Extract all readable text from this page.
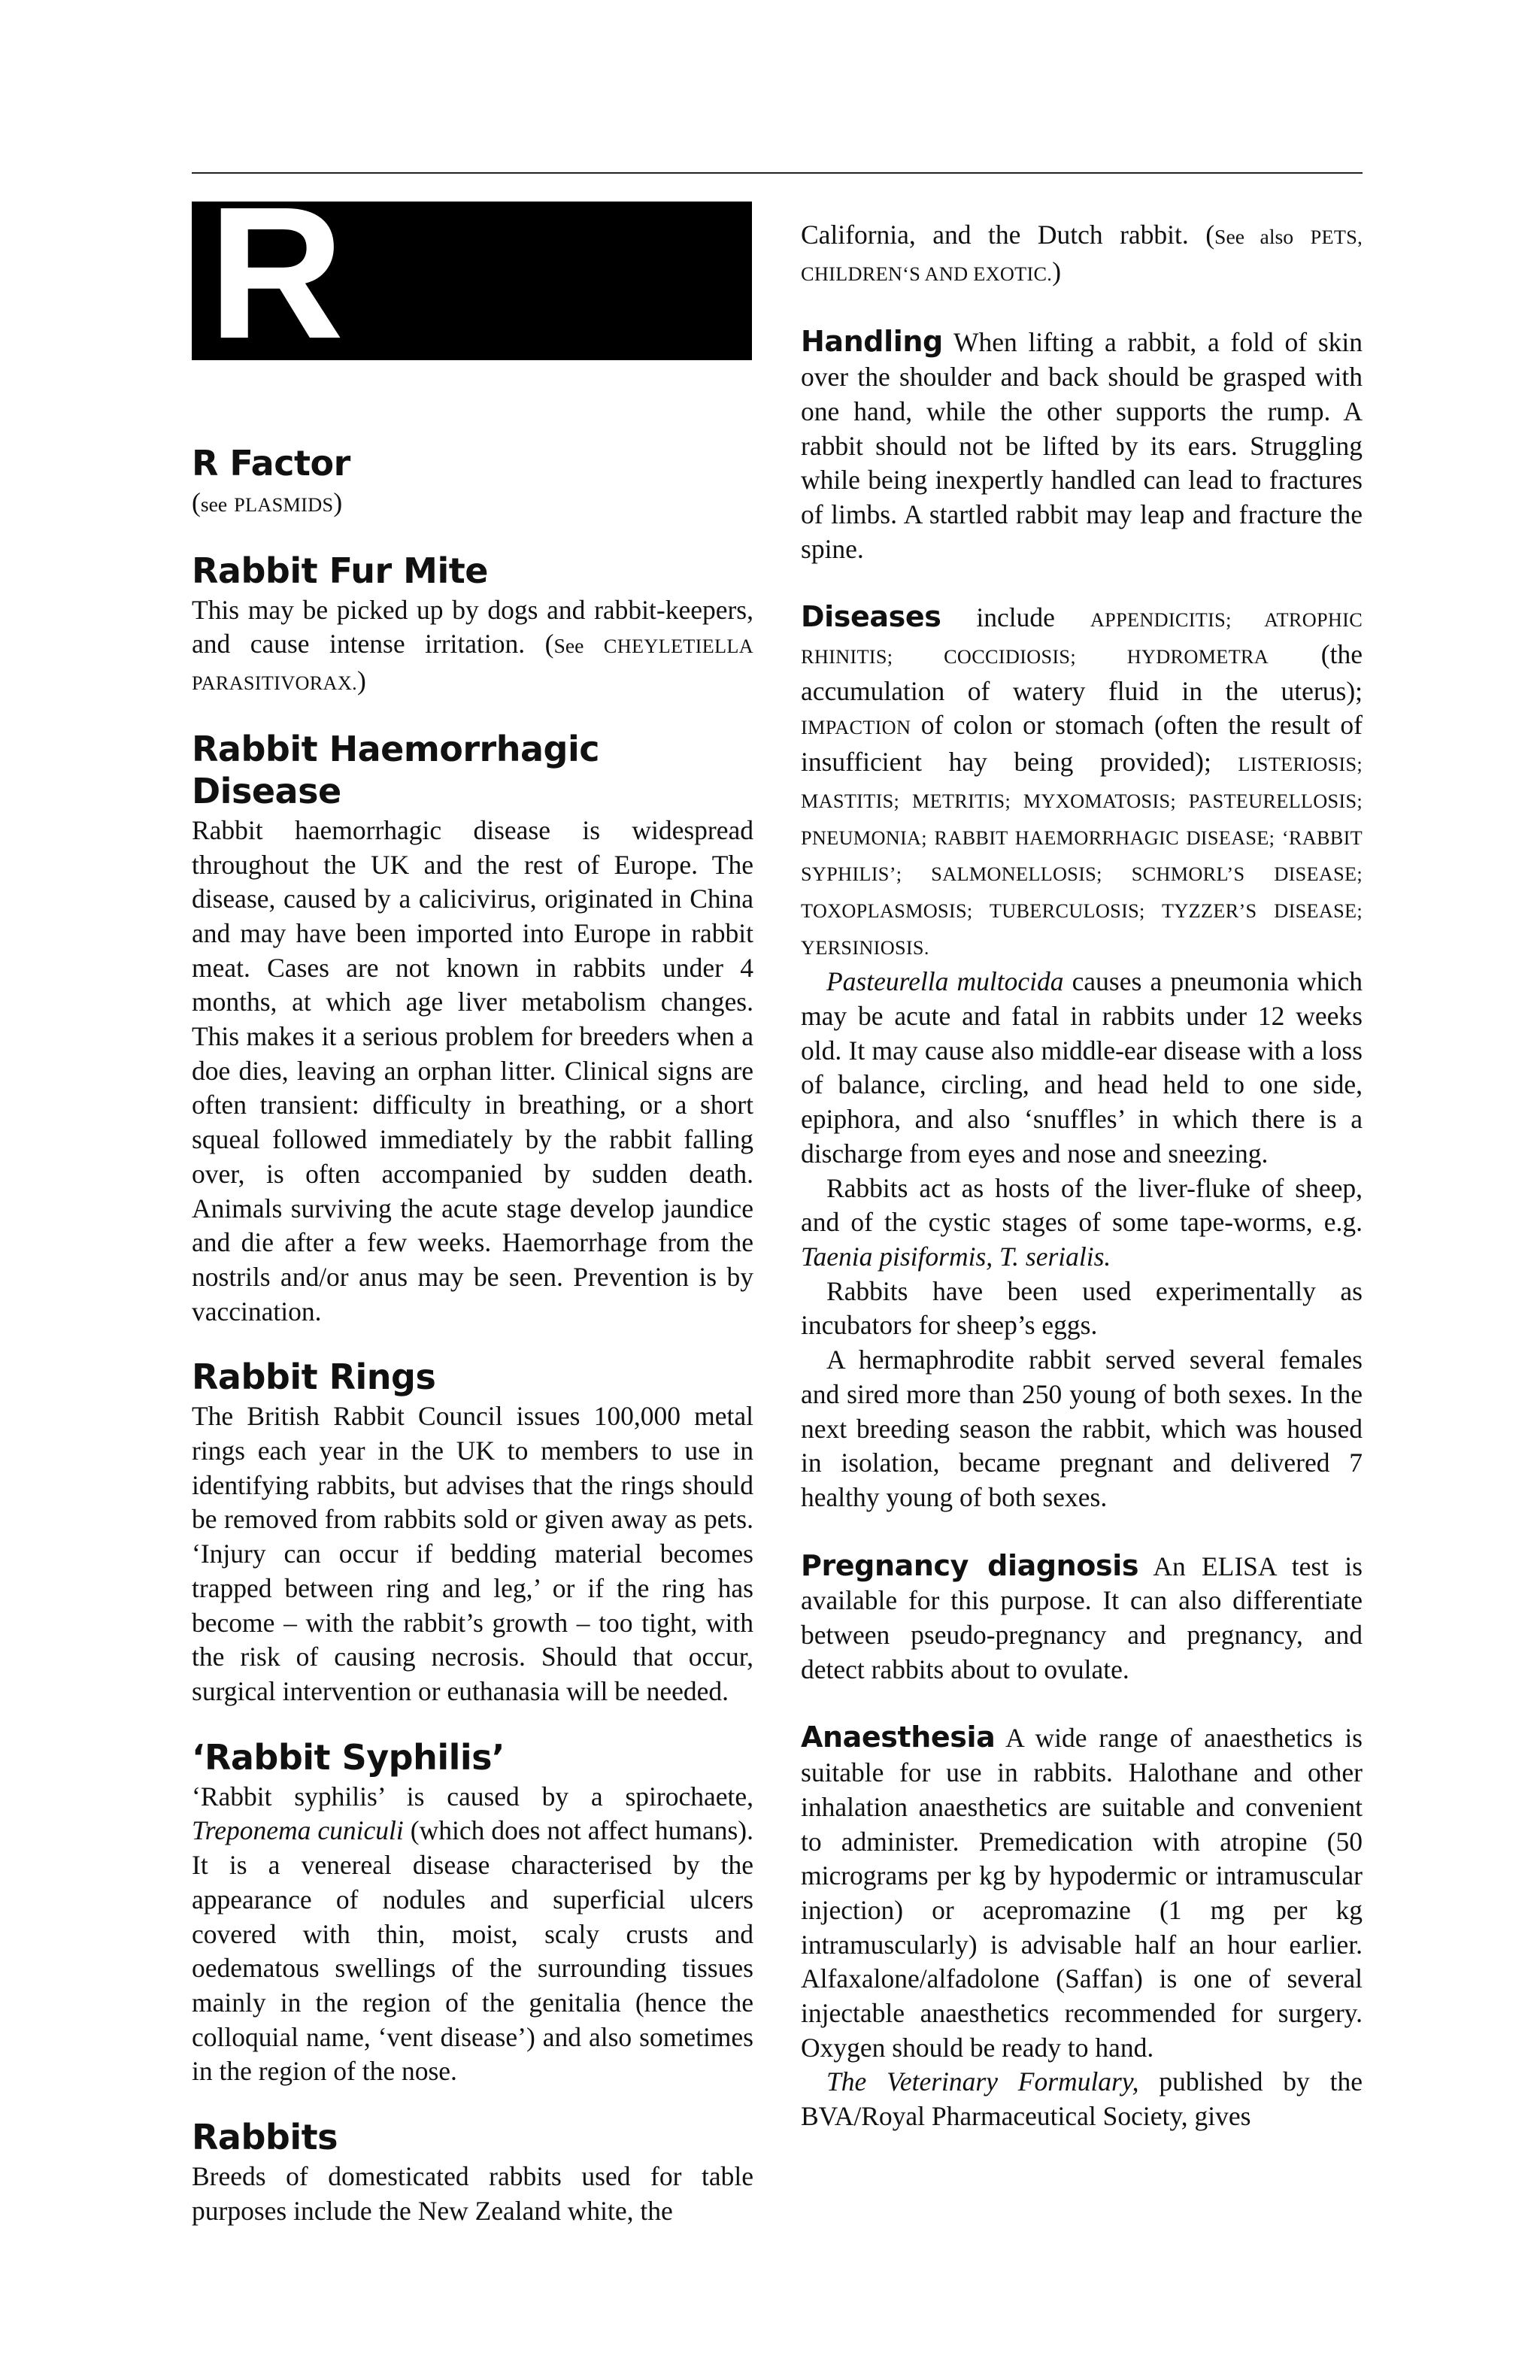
R
R Factor

(see PLASMIDS)

Rabbit Fur Mite

This may be picked up by dogs and rabbit-keepers, and cause intense irritation. (See CHEYLETIELLA PARASITIVORAX.)

Rabbit Haemorrhagic Disease

Rabbit haemorrhagic disease is widespread throughout the UK and the rest of Europe. The disease, caused by a calicivirus, originated in China and may have been imported into Europe in rabbit meat. Cases are not known in rabbits under 4 months, at which age liver metabolism changes. This makes it a serious problem for breeders when a doe dies, leaving an orphan litter. Clinical signs are often transient: difficulty in breathing, or a short squeal followed immediately by the rabbit falling over, is often accompanied by sudden death. Animals surviving the acute stage develop jaundice and die after a few weeks. Haemorrhage from the nostrils and/or anus may be seen. Prevention is by vaccination.

Rabbit Rings

The British Rabbit Council issues 100,000 metal rings each year in the UK to members to use in identifying rabbits, but advises that the rings should be removed from rabbits sold or given away as pets. ‘Injury can occur if bedding material becomes trapped between ring and leg,’ or if the ring has become – with the rabbit’s growth – too tight, with the risk of causing necrosis. Should that occur, surgical intervention or euthanasia will be needed.

‘Rabbit Syphilis’

‘Rabbit syphilis’ is caused by a spirochaete, Treponema cuniculi (which does not affect humans). It is a venereal disease characterised by the appearance of nodules and superficial ulcers covered with thin, moist, scaly crusts and oedematous swellings of the surrounding tissues mainly in the region of the genitalia (hence the colloquial name, ‘vent disease’) and also sometimes in the region of the nose.

Rabbits

Breeds of domesticated rabbits used for table purposes include the New Zealand white, the

California, and the Dutch rabbit. (See also PETS, CHILDREN‘S AND EXOTIC.)

Handling When lifting a rabbit, a fold of skin over the shoulder and back should be grasped with one hand, while the other supports the rump. A rabbit should not be lifted by its ears. Struggling while being inexpertly handled can lead to fractures of limbs. A startled rabbit may leap and fracture the spine.

Diseases include APPENDICITIS; ATROPHIC RHINITIS; COCCIDIOSIS; HYDROMETRA (the accumulation of watery fluid in the uterus); IMPACTION of colon or stomach (often the result of insufficient hay being provided); LISTERIOSIS; MASTITIS; METRITIS; MYXOMATOSIS; PASTEURELLOSIS; PNEUMONIA; RABBIT HAEMORRHAGIC DISEASE; ‘RABBIT SYPHILIS’; SALMONELLOSIS; SCHMORL’S DISEASE; TOXOPLASMOSIS; TUBERCULOSIS; TYZZER’S DISEASE; YERSINIOSIS.

Pasteurella multocida causes a pneumonia which may be acute and fatal in rabbits under 12 weeks old. It may cause also middle-ear disease with a loss of balance, circling, and head held to one side, epiphora, and also ‘snuffles’ in which there is a discharge from eyes and nose and sneezing.

Rabbits act as hosts of the liver-fluke of sheep, and of the cystic stages of some tape-worms, e.g. Taenia pisiformis, T. serialis.

Rabbits have been used experimentally as incubators for sheep’s eggs.

A hermaphrodite rabbit served several females and sired more than 250 young of both sexes. In the next breeding season the rabbit, which was housed in isolation, became pregnant and delivered 7 healthy young of both sexes.

Pregnancy diagnosis An ELISA test is available for this purpose. It can also differentiate between pseudo-pregnancy and pregnancy, and detect rabbits about to ovulate.

Anaesthesia A wide range of anaesthetics is suitable for use in rabbits. Halothane and other inhalation anaesthetics are suitable and convenient to administer. Premedication with atropine (50 micrograms per kg by hypodermic or intramuscular injection) or acepromazine (1 mg per kg intramuscularly) is advisable half an hour earlier. Alfaxalone/alfadolone (Saffan) is one of several injectable anaesthetics recommended for surgery. Oxygen should be ready to hand.

The Veterinary Formulary, published by the BVA/Royal Pharmaceutical Society, gives
